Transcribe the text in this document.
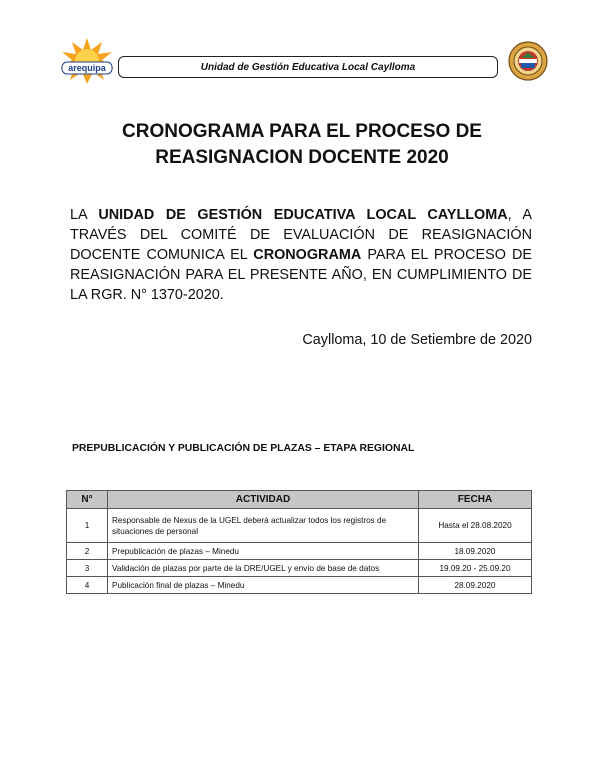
arequipa	Unidad de Gestión Educativa Local Caylloma
CRONOGRAMA PARA EL PROCESO DE
REASIGNACION DOCENTE 2020

LA UNIDAD DE GESTIÓN EDUCATIVA LOCAL CAYLLOMA, A TRAVÉS DEL COMITÉ DE EVALUACIÓN DE REASIGNACIÓN DOCENTE COMUNICA EL CRONOGRAMA PARA EL PROCESO DE REASIGNACIÓN PARA EL PRESENTE AÑO, EN CUMPLIMIENTO DE LA RGR. N° 1370-2020.

Caylloma, 10 de Setiembre de 2020
PREPUBLICACIÓN Y PUBLICACIÓN DE PLAZAS – ETAPA REGIONAL
N°	ACTIVIDAD	FECHA
1	Responsable de Nexus de la UGEL deberá actualizar todos los registros de situaciones de personal	Hasta el 28.08.2020
2	Prepublicación de plazas – Minedu	18.09.2020
3	Validación de plazas por parte de la DRE/UGEL y envío de base de datos	19.09.20 - 25.09.20
4	Publicación final de plazas – Minedu	28.09.2020
